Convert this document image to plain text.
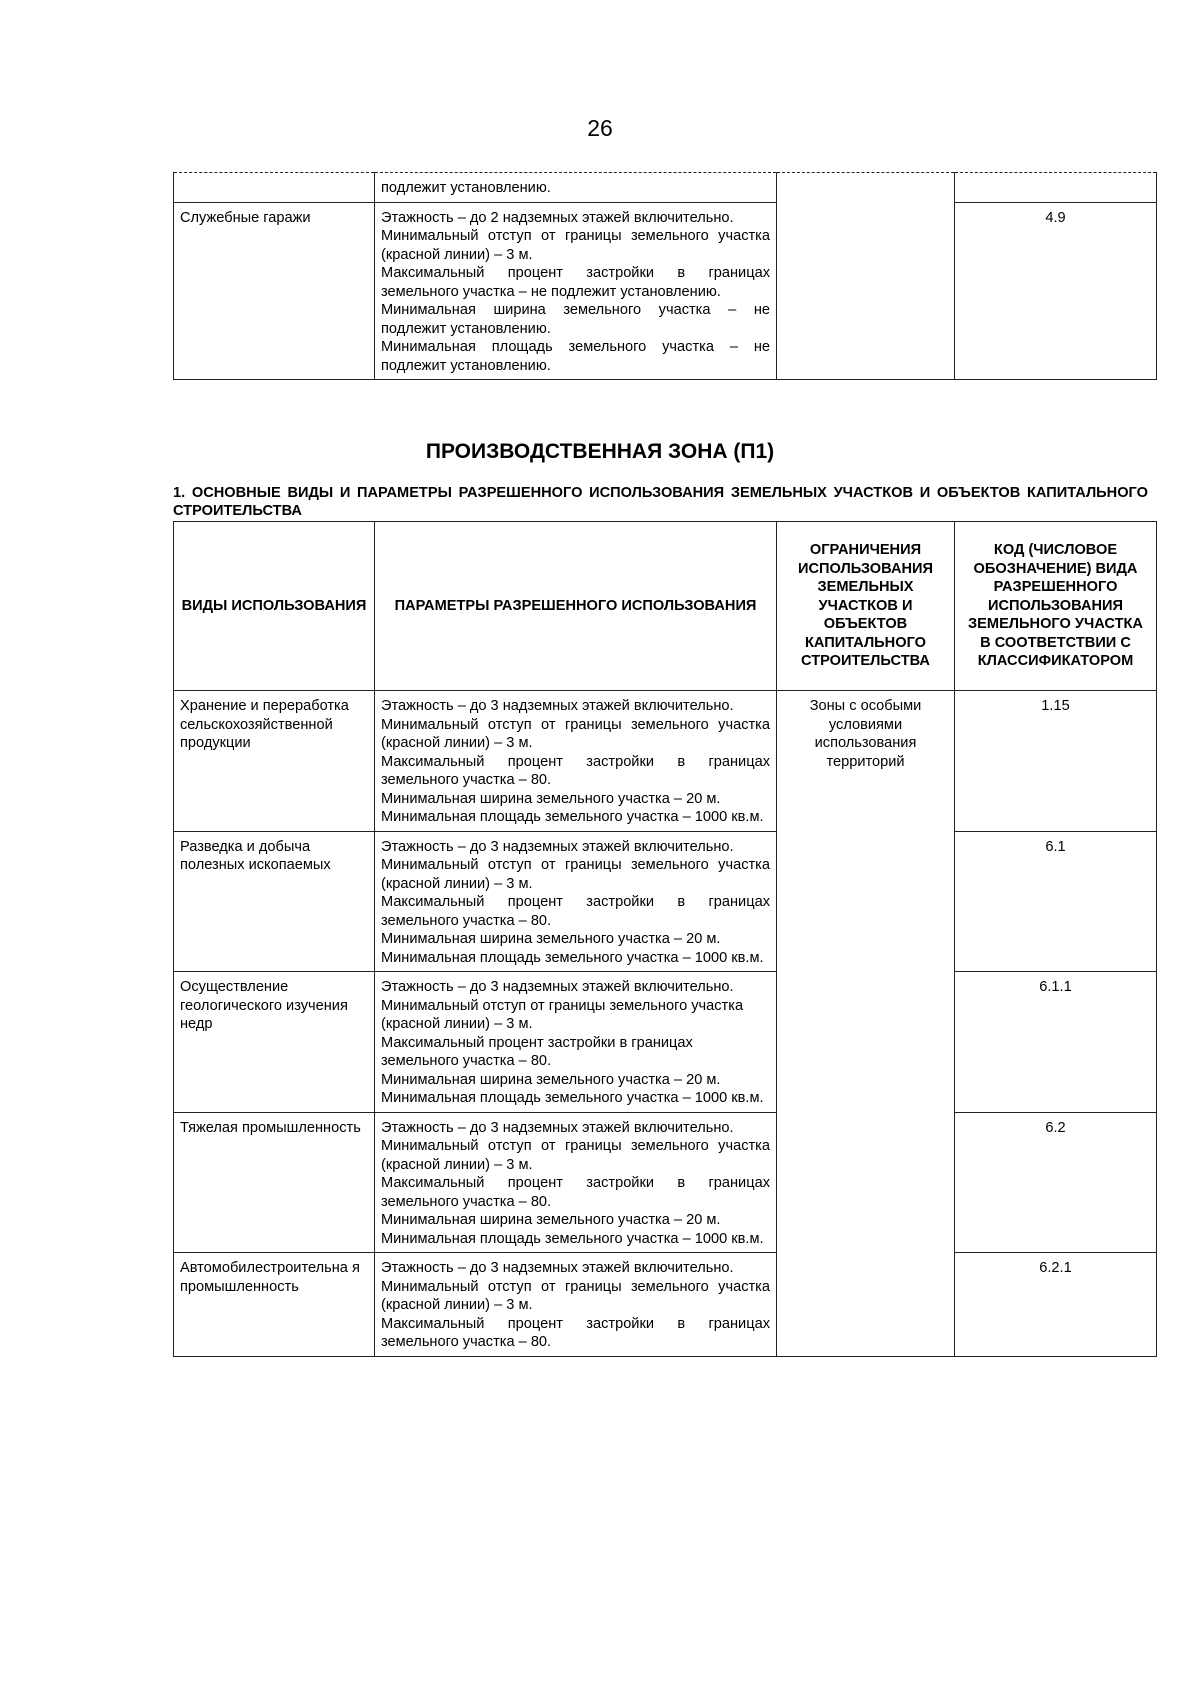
26
	подлежит установлению.		
Служебные гаражи	Этажность – до 2 надземных этажей включительно.
Минимальный отступ от границы земельного участка (красной линии) – 3 м.
Максимальный процент застройки в границах земельного участка – не подлежит установлению.
Минимальная ширина земельного участка – не подлежит установлению.
Минимальная площадь земельного участка – не подлежит установлению.		4.9
ПРОИЗВОДСТВЕННАЯ ЗОНА (П1)
1. ОСНОВНЫЕ ВИДЫ И ПАРАМЕТРЫ РАЗРЕШЕННОГО ИСПОЛЬЗОВАНИЯ ЗЕМЕЛЬНЫХ УЧАСТКОВ И ОБЪЕКТОВ КАПИТАЛЬНОГО СТРОИТЕЛЬСТВА
ВИДЫ ИСПОЛЬЗОВАНИЯ	ПАРАМЕТРЫ РАЗРЕШЕННОГО ИСПОЛЬЗОВАНИЯ	ОГРАНИЧЕНИЯ ИСПОЛЬЗОВАНИЯ ЗЕМЕЛЬНЫХ УЧАСТКОВ И ОБЪЕКТОВ КАПИТАЛЬНОГО СТРОИТЕЛЬСТВА	КОД (ЧИСЛОВОЕ ОБОЗНАЧЕНИЕ) ВИДА РАЗРЕШЕННОГО ИСПОЛЬЗОВАНИЯ ЗЕМЕЛЬНОГО УЧАСТКА В СООТВЕТСТВИИ С КЛАССИФИКАТОРОМ
Хранение и переработка сельскохозяйственной продукции	Этажность – до 3 надземных этажей включительно.
Минимальный отступ от границы земельного участка (красной линии) – 3 м.
Максимальный процент застройки в границах земельного участка – 80.
Минимальная ширина земельного участка – 20 м.
Минимальная площадь земельного участка – 1000 кв.м.	Зоны с особыми условиями использования территорий	1.15
Разведка и добыча полезных ископаемых	Этажность – до 3 надземных этажей включительно.
Минимальный отступ от границы земельного участка (красной линии) – 3 м.
Максимальный процент застройки в границах земельного участка – 80.
Минимальная ширина земельного участка – 20 м.
Минимальная площадь земельного участка – 1000 кв.м.		6.1
Осуществление геологического изучения недр	Этажность – до 3 надземных этажей включительно.
Минимальный отступ от границы земельного участка (красной линии) – 3 м.
Максимальный процент застройки в границах земельного участка – 80.
Минимальная ширина земельного участка – 20 м.
Минимальная площадь земельного участка – 1000 кв.м.		6.1.1
Тяжелая промышленность	Этажность – до 3 надземных этажей включительно.
Минимальный отступ от границы земельного участка (красной линии) – 3 м.
Максимальный процент застройки в границах земельного участка – 80.
Минимальная ширина земельного участка – 20 м.
Минимальная площадь земельного участка – 1000 кв.м.		6.2
Автомобилестроительна я промышленность	Этажность – до 3 надземных этажей включительно.
Минимальный отступ от границы земельного участка (красной линии) – 3 м.
Максимальный процент застройки в границах земельного участка – 80.		6.2.1
